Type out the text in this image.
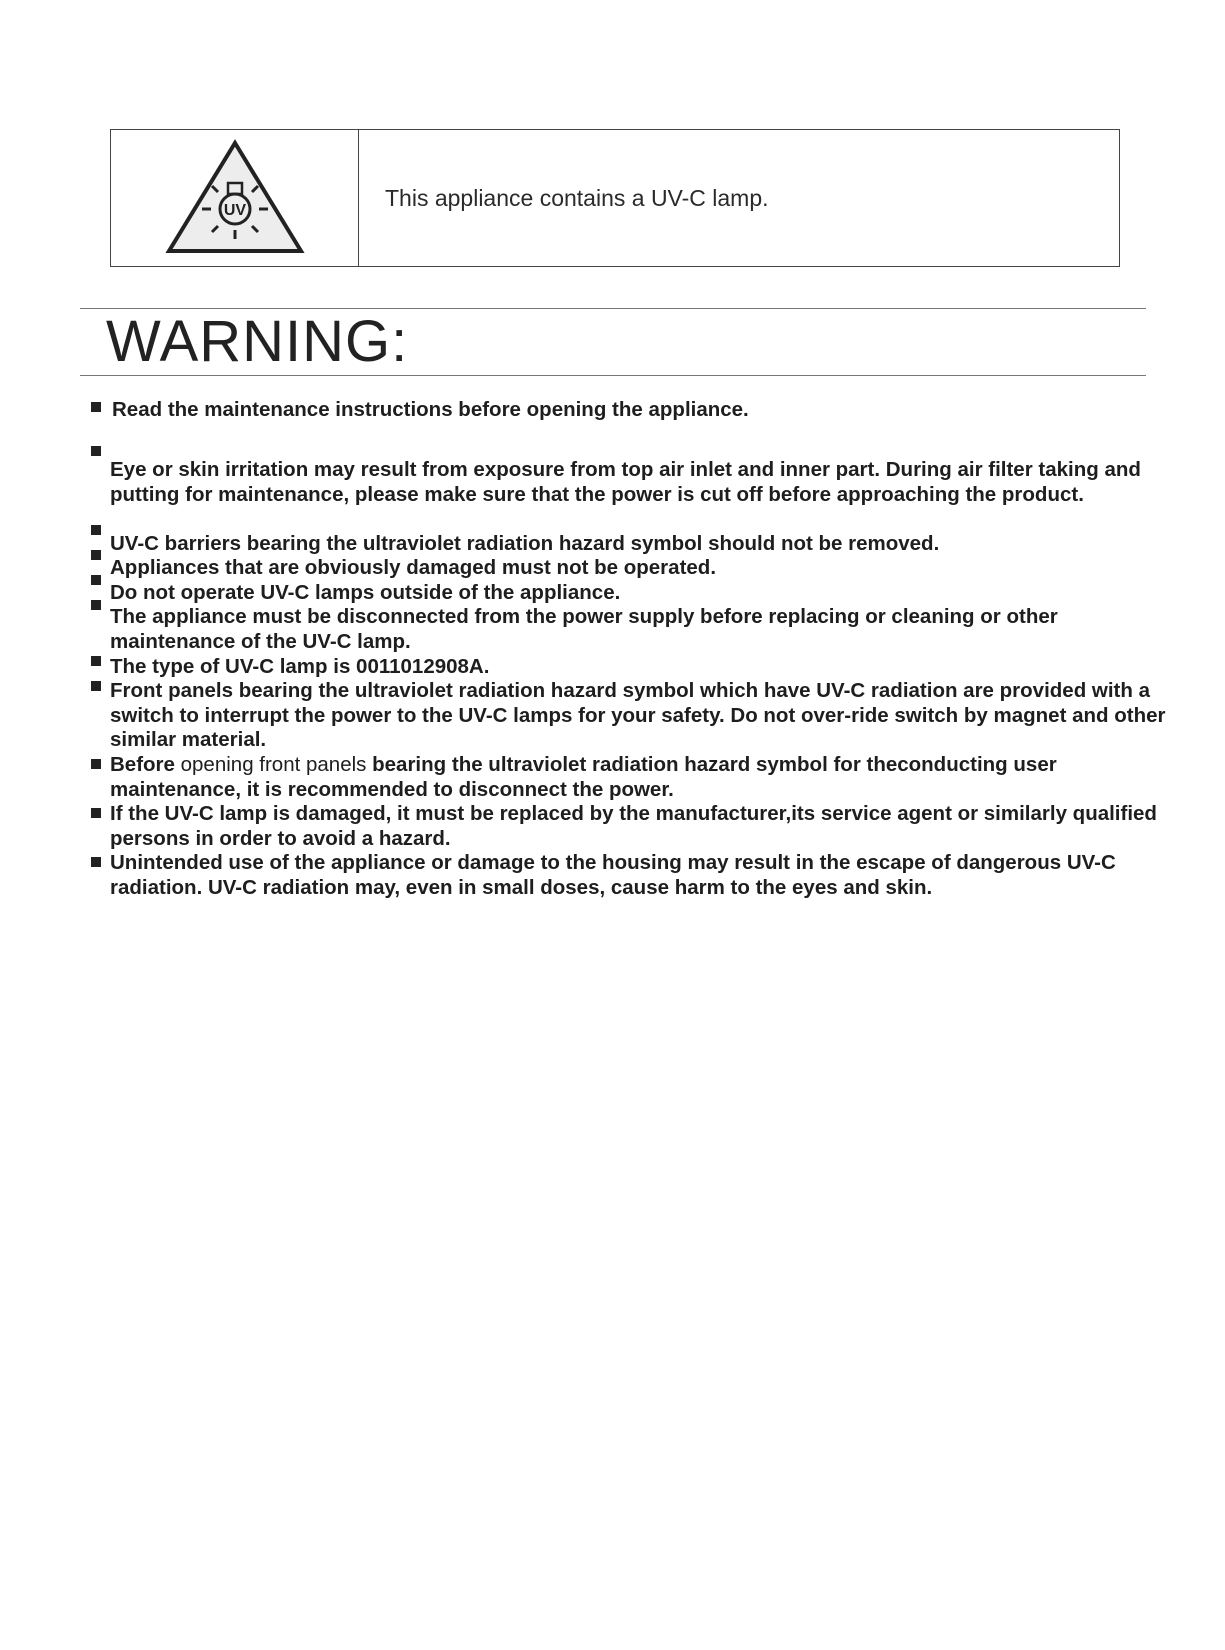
UV	This appliance contains a UV-C lamp.
WARNING:
Read the maintenance instructions before opening the appliance.
Eye or skin irritation may result from exposure from top air inlet and inner part. During air filter taking and putting for maintenance, please make sure that the power is cut off before approaching the product.
UV-C barriers bearing the ultraviolet radiation hazard symbol should not be removed.
Appliances that are obviously damaged must not be operated.
Do not operate UV-C lamps outside of the appliance.
The appliance must be disconnected from the power supply before replacing or cleaning or other maintenance of the UV-C lamp.
The type of UV-C lamp is 0011012908A.
Front panels bearing the ultraviolet radiation hazard symbol which have UV-C radiation are provided with a switch to interrupt the power to the UV-C lamps for your safety. Do not over-ride switch by magnet and other similar material.
Before opening front panels bearing the ultraviolet radiation hazard symbol for theconducting user maintenance, it is recommended to disconnect the power.
If the UV-C lamp is damaged, it must be replaced by the manufacturer,its service agent or similarly qualified persons in order to avoid a hazard.
Unintended use of the appliance or damage to the housing may result in the escape of dangerous UV-C radiation. UV-C radiation may, even in small doses, cause harm to the eyes and skin.
